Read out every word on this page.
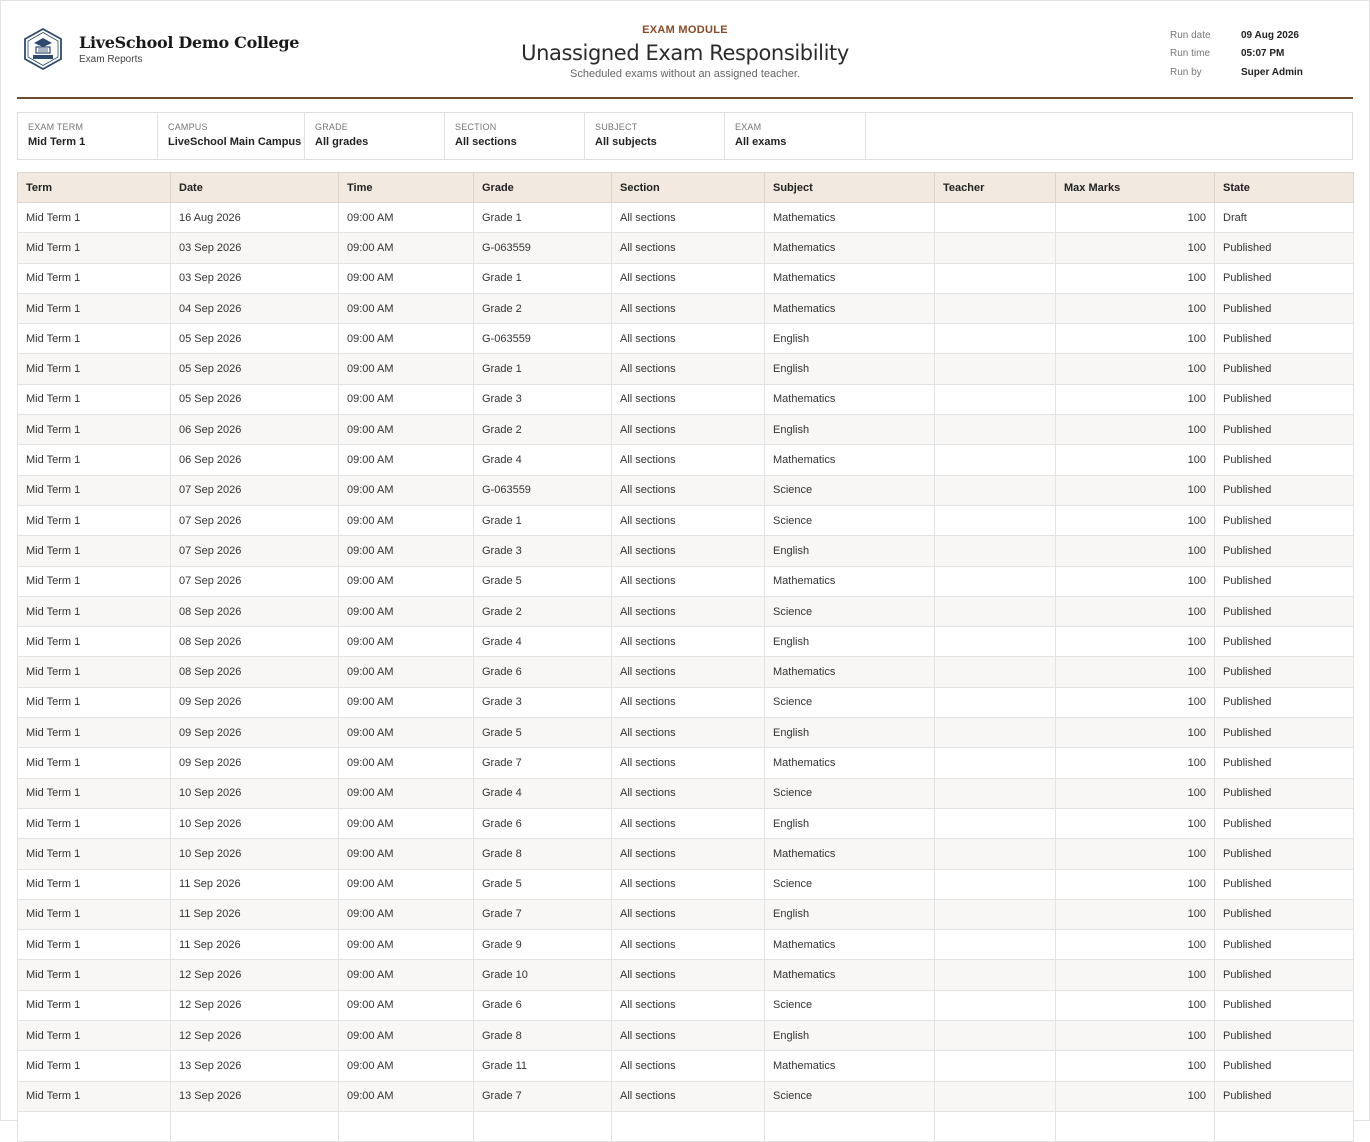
LiveSchool Demo College
Exam Reports
EXAM MODULE
Unassigned Exam Responsibility
Scheduled exams without an assigned teacher.
Run date	09 Aug 2026
Run time	05:07 PM
Run by	Super Admin
EXAM TERM
Mid Term 1
CAMPUS
LiveSchool Main Campus
GRADE
All grades
SECTION
All sections
SUBJECT
All subjects
EXAM
All exams
Term	Date	Time	Grade	Section	Subject	Teacher	Max Marks	State
Mid Term 1	16 Aug 2026	09:00 AM	Grade 1	All sections	Mathematics		100	Draft
Mid Term 1	03 Sep 2026	09:00 AM	G-063559	All sections	Mathematics		100	Published
Mid Term 1	03 Sep 2026	09:00 AM	Grade 1	All sections	Mathematics		100	Published
Mid Term 1	04 Sep 2026	09:00 AM	Grade 2	All sections	Mathematics		100	Published
Mid Term 1	05 Sep 2026	09:00 AM	G-063559	All sections	English		100	Published
Mid Term 1	05 Sep 2026	09:00 AM	Grade 1	All sections	English		100	Published
Mid Term 1	05 Sep 2026	09:00 AM	Grade 3	All sections	Mathematics		100	Published
Mid Term 1	06 Sep 2026	09:00 AM	Grade 2	All sections	English		100	Published
Mid Term 1	06 Sep 2026	09:00 AM	Grade 4	All sections	Mathematics		100	Published
Mid Term 1	07 Sep 2026	09:00 AM	G-063559	All sections	Science		100	Published
Mid Term 1	07 Sep 2026	09:00 AM	Grade 1	All sections	Science		100	Published
Mid Term 1	07 Sep 2026	09:00 AM	Grade 3	All sections	English		100	Published
Mid Term 1	07 Sep 2026	09:00 AM	Grade 5	All sections	Mathematics		100	Published
Mid Term 1	08 Sep 2026	09:00 AM	Grade 2	All sections	Science		100	Published
Mid Term 1	08 Sep 2026	09:00 AM	Grade 4	All sections	English		100	Published
Mid Term 1	08 Sep 2026	09:00 AM	Grade 6	All sections	Mathematics		100	Published
Mid Term 1	09 Sep 2026	09:00 AM	Grade 3	All sections	Science		100	Published
Mid Term 1	09 Sep 2026	09:00 AM	Grade 5	All sections	English		100	Published
Mid Term 1	09 Sep 2026	09:00 AM	Grade 7	All sections	Mathematics		100	Published
Mid Term 1	10 Sep 2026	09:00 AM	Grade 4	All sections	Science		100	Published
Mid Term 1	10 Sep 2026	09:00 AM	Grade 6	All sections	English		100	Published
Mid Term 1	10 Sep 2026	09:00 AM	Grade 8	All sections	Mathematics		100	Published
Mid Term 1	11 Sep 2026	09:00 AM	Grade 5	All sections	Science		100	Published
Mid Term 1	11 Sep 2026	09:00 AM	Grade 7	All sections	English		100	Published
Mid Term 1	11 Sep 2026	09:00 AM	Grade 9	All sections	Mathematics		100	Published
Mid Term 1	12 Sep 2026	09:00 AM	Grade 10	All sections	Mathematics		100	Published
Mid Term 1	12 Sep 2026	09:00 AM	Grade 6	All sections	Science		100	Published
Mid Term 1	12 Sep 2026	09:00 AM	Grade 8	All sections	English		100	Published
Mid Term 1	13 Sep 2026	09:00 AM	Grade 11	All sections	Mathematics		100	Published
Mid Term 1	13 Sep 2026	09:00 AM	Grade 7	All sections	Science		100	Published
